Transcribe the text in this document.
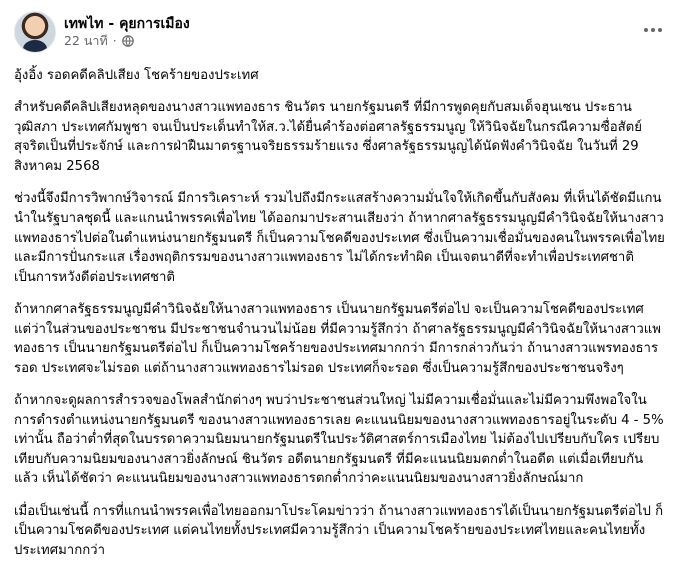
เทพไท - คุยการเมือง
22 นาที ·

อุ้งอิ้ง รอดคดีคลิปเสียง โชคร้ายของประเทศ

สำหรับคดีคลิปเสียงหลุดของนางสาวแพทองธาร ชินวัตร นายกรัฐมนตรี ที่มีการพูดคุยกับสมเด็จฮุนเซน ประธานวุฒิสภา ประเทศกัมพูชา จนเป็นประเด็นทำให้ส.ว.ได้ยื่นคำร้องต่อศาลรัฐธรรมนูญ ให้วินิจฉัยในกรณีความซื่อสัตย์สุจริตเป็นที่ประจักษ์ และการฝ่าฝืนมาตรฐานจริยธรรมร้ายแรง ซึ่งศาลรัฐธรรมนูญได้นัดฟังคำวินิจฉัย ในวันที่ 29 สิงหาคม 2568

ช่วงนี้จึงมีการวิพากษ์วิจารณ์ มีการวิเคราะห์ รวมไปถึงมีกระแสสร้างความมั่นใจให้เกิดขึ้นกับสังคม ที่เห็นได้ชัดมีแกนนำในรัฐบาลชุดนี้ และแกนนำพรรคเพื่อไทย ได้ออกมาประสานเสียงว่า ถ้าหากศาลรัฐธรรมนูญมีคำวินิจฉัยให้นางสาวแพทองธารไปต่อในตำแหน่งนายกรัฐมนตรี ก็เป็นความโชคดีของประเทศ ซึ่งเป็นความเชื่อมั่นของคนในพรรคเพื่อไทย และมีการปั่นกระแส เรื่องพฤติกรรมของนางสาวแพทองธาร ไม่ได้กระทำผิด เป็นเจตนาดีที่จะทำเพื่อประเทศชาติ เป็นการหวังดีต่อประเทศชาติ

ถ้าหากศาลรัฐธรรมนูญมีคำวินิจฉัยให้นางสาวแพทองธาร เป็นนายกรัฐมนตรีต่อไป จะเป็นความโชคดีของประเทศ แต่ว่าในส่วนของประชาชน มีประชาชนจำนวนไม่น้อย ที่มีความรู้สึกว่า ถ้าศาลรัฐธรรมนูญมีคำวินิจฉัยให้นางสาวแพทองธาร เป็นนายกรัฐมนตรีต่อไป ก็เป็นความโชคร้ายของประเทศมากกว่า มีการกล่าวกันว่า ถ้านางสาวแพรทองธารรอด ประเทศจะไม่รอด แต่ถ้านางสาวแพทองธารไม่รอด ประเทศก็จะรอด ซึ่งเป็นความรู้สึกของประชาชนจริงๆ

ถ้าหากจะดูผลการสำรวจของโพลสำนักต่างๆ พบว่าประชาชนส่วนใหญ่ ไม่มีความเชื่อมั่นและไม่มีความพึงพอใจในการดำรงตำแหน่งนายกรัฐมนตรี ของนางสาวแพทองธารเลย คะแนนนิยมของนางสาวแพทองธารอยู่ในระดับ 4 - 5% เท่านั้น ถือว่าต่ำที่สุดในบรรดาความนิยมนายกรัฐมนตรีในประวัติศาสตร์การเมืองไทย ไม่ต้องไปเปรียบกับใคร เปรียบเทียบกับความนิยมของนางสาวยิ่งลักษณ์ ชินวัตร อดีตนายกรัฐมนตรี ที่มีคะแนนนิยมตกต่ำในอดีต แต่เมื่อเทียบกันแล้ว เห็นได้ชัดว่า คะแนนนิยมของนางสาวแพทองธารตกต่ำกว่าคะแนนนิยมของนางสาวยิ่งลักษณ์มาก

เมื่อเป็นเช่นนี้ การที่แกนนำพรรคเพื่อไทยออกมาโประโคมข่าวว่า ถ้านางสาวแพทองธารได้เป็นนายกรัฐมนตรีต่อไป ก็เป็นความโชคดีของประเทศ แต่คนไทยทั้งประเทศมีความรู้สึกว่า เป็นความโชคร้ายของประเทศไทยและคนไทยทั้งประเทศมากกว่า
